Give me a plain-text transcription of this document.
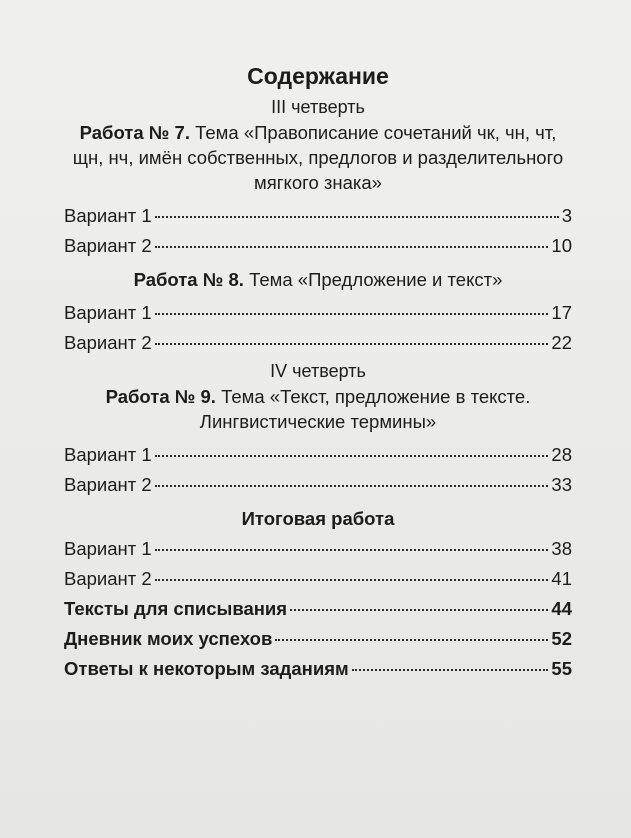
Содержание
III четверть
Работа № 7. Тема «Правописание сочетаний чк, чн, чт, щн, нч, имён собственных, предлогов и разделительного мягкого знака»
Вариант 1	3
Вариант 2	10
Работа № 8. Тема «Предложение и текст»
Вариант 1	17
Вариант 2	22
IV четверть
Работа № 9. Тема «Текст, предложение в тексте. Лингвистические термины»
Вариант 1	28
Вариант 2	33
Итоговая работа
Вариант 1	38
Вариант 2	41
Тексты для списывания	44
Дневник моих успехов	52
Ответы к некоторым заданиям	55
